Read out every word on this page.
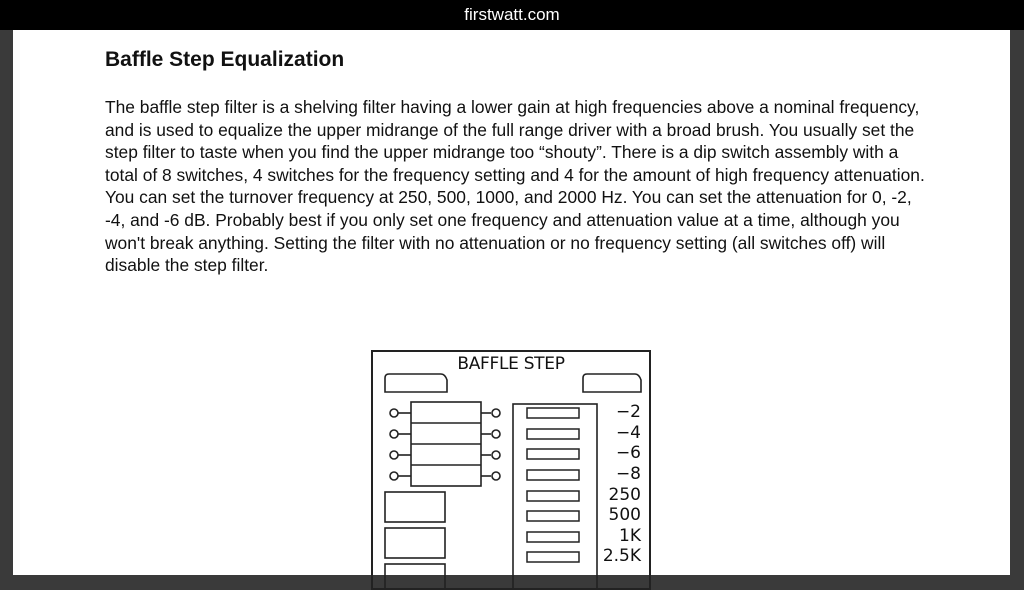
firstwatt.com
Baffle Step Equalization

The baffle step filter is a shelving filter having a lower gain at high frequencies above a nominal frequency, and is used to equalize the upper midrange of the full range driver with a broad brush. You usually set the step filter to taste when you find the upper midrange too “shouty”. There is a dip switch assembly with a total of 8 switches, 4 switches for the frequency setting and 4 for the amount of high frequency attenuation. You can set the turnover frequency at 250, 500, 1000, and 2000 Hz. You can set the attenuation for 0, -2, -4, and -6 dB. Probably best if you only set one frequency and attenuation value at a time, although you won't break anything. Setting the filter with no attenuation or no frequency setting (all switches off) will disable the step filter.

BAFFLE STEP
−2
−4
−6
−8
250
500
1K
2.5K
